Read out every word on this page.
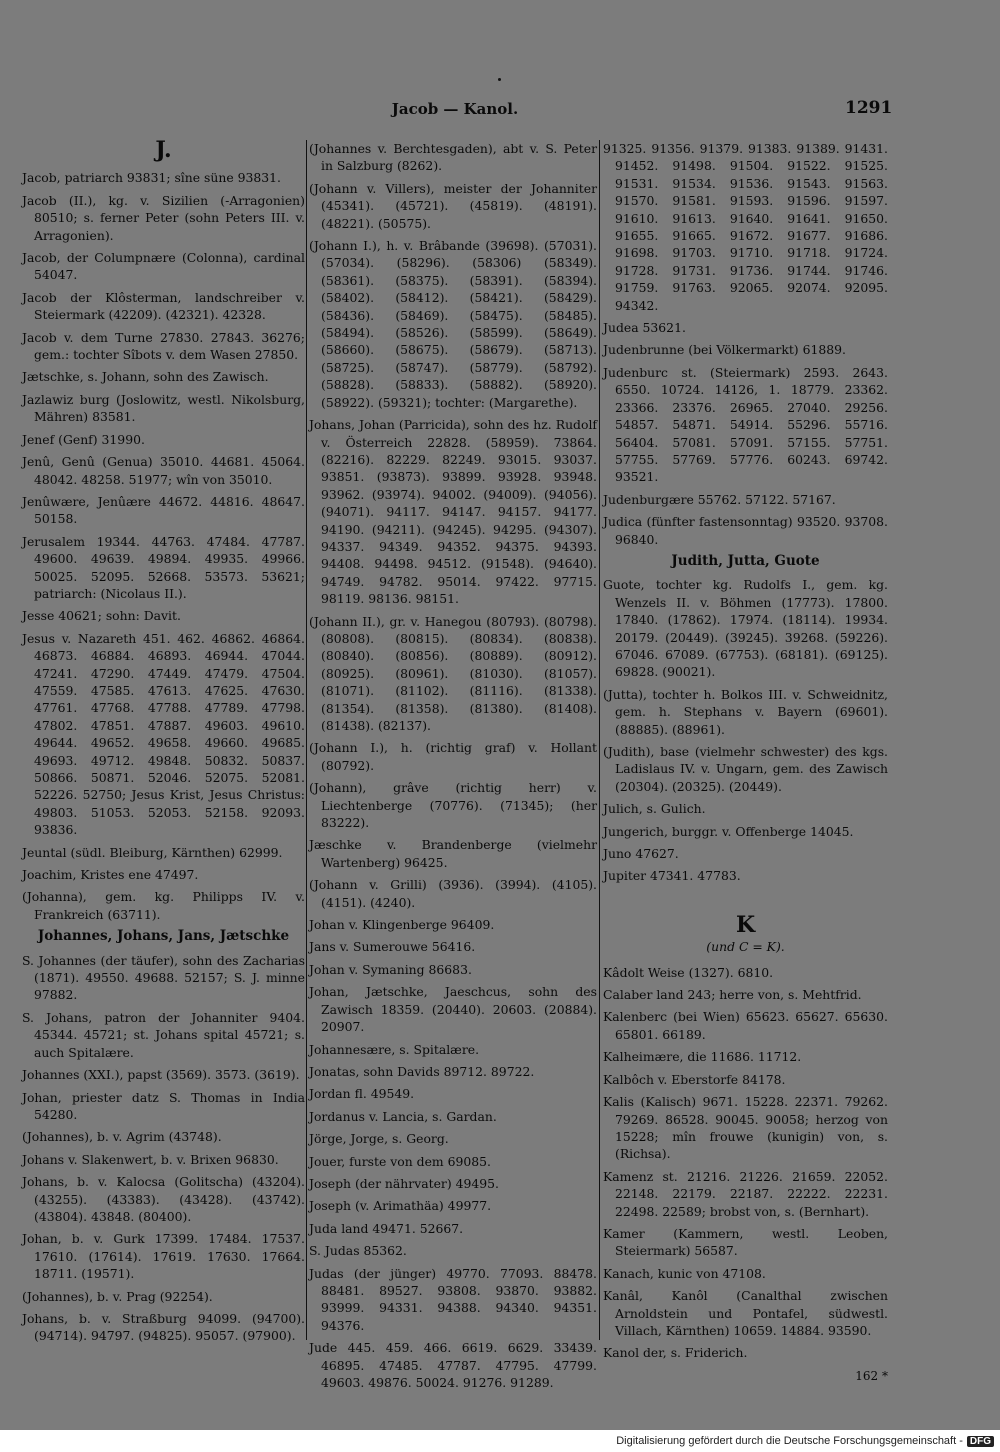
Jacob — Kanol.	1291
J.
Jacob, patriarch 93831; sîne süne 93831.
Jacob (II.), kg. v. Sizilien (-Arragonien) 80510; s. ferner Peter (sohn Peters III. v. Arragonien).
Jacob, der Columpnære (Colonna), cardinal 54047.
Jacob der Klôsterman, landschreiber v. Steiermark (42209). (42321). 42328.
Jacob v. dem Turne 27830. 27843. 36276; gem.: tochter Sîbots v. dem Wasen 27850.
Jætschke, s. Johann, sohn des Zawisch.
Jazlawiz burg (Joslowitz, westl. Nikolsburg, Mähren) 83581.
Jenef (Genf) 31990.
Jenû, Genû (Genua) 35010. 44681. 45064. 48042. 48258. 51977; wîn von 35010.
Jenûwære, Jenûære 44672. 44816. 48647. 50158.
Jerusalem 19344. 44763. 47484. 47787. 49600. 49639. 49894. 49935. 49966. 50025. 52095. 52668. 53573. 53621; patriarch: (Nicolaus II.).
Jesse 40621; sohn: Davit.
Jesus v. Nazareth 451. 462. 46862. 46864. 46873. 46884. 46893. 46944. 47044. 47241. 47290. 47449. 47479. 47504. 47559. 47585. 47613. 47625. 47630. 47761. 47768. 47788. 47789. 47798. 47802. 47851. 47887. 49603. 49610. 49644. 49652. 49658. 49660. 49685. 49693. 49712. 49848. 50832. 50837. 50866. 50871. 52046. 52075. 52081. 52226. 52750; Jesus Krist, Jesus Christus: 49803. 51053. 52053. 52158. 92093. 93836.
Jeuntal (südl. Bleiburg, Kärnthen) 62999.
Joachim, Kristes ene 47497.
(Johanna), gem. kg. Philipps IV. v. Frankreich (63711).
Johannes, Johans, Jans, Jætschke
S. Johannes (der täufer), sohn des Zacharias (1871). 49550. 49688. 52157; S. J. minne 97882.
S. Johans, patron der Johanniter 9404. 45344. 45721; st. Johans spital 45721; s. auch Spitalære.
Johannes (XXI.), papst (3569). 3573. (3619).
Johan, priester datz S. Thomas in India 54280.
(Johannes), b. v. Agrim (43748).
Johans v. Slakenwert, b. v. Brixen 96830.
Johans, b. v. Kalocsa (Golitscha) (43204). (43255). (43383). (43428). (43742). (43804). 43848. (80400).
Johan, b. v. Gurk 17399. 17484. 17537. 17610. (17614). 17619. 17630. 17664. 18711. (19571).
(Johannes), b. v. Prag (92254).
Johans, b. v. Straßburg 94099. (94700). (94714). 94797. (94825). 95057. (97900).
(Johannes v. Berchtesgaden), abt v. S. Peter in Salzburg (8262).
(Johann v. Villers), meister der Johanniter (45341). (45721). (45819). (48191). (48221). (50575).
(Johann I.), h. v. Brâbande (39698). (57031). (57034). (58296). (58306) (58349). (58361). (58375). (58391). (58394). (58402). (58412). (58421). (58429). (58436). (58469). (58475). (58485). (58494). (58526). (58599). (58649). (58660). (58675). (58679). (58713). (58725). (58747). (58779). (58792). (58828). (58833). (58882). (58920). (58922). (59321); tochter: (Margarethe).
Johans, Johan (Parricida), sohn des hz. Rudolf v. Österreich 22828. (58959). 73864. (82216). 82229. 82249. 93015. 93037. 93851. (93873). 93899. 93928. 93948. 93962. (93974). 94002. (94009). (94056). (94071). 94117. 94147. 94157. 94177. 94190. (94211). (94245). 94295. (94307). 94337. 94349. 94352. 94375. 94393. 94408. 94498. 94512. (91548). (94640). 94749. 94782. 95014. 97422. 97715. 98119. 98136. 98151.
(Johann II.), gr. v. Hanegou (80793). (80798). (80808). (80815). (80834). (80838). (80840). (80856). (80889). (80912). (80925). (80961). (81030). (81057). (81071). (81102). (81116). (81338). (81354). (81358). (81380). (81408). (81438). (82137).
(Johann I.), h. (richtig graf) v. Hollant (80792).
(Johann), grâve (richtig herr) v. Liechtenberge (70776). (71345); (her 83222).
Jæschke v. Brandenberge (vielmehr Wartenberg) 96425.
(Johann v. Grilli) (3936). (3994). (4105). (4151). (4240).
Johan v. Klingenberge 96409.
Jans v. Sumerouwe 56416.
Johan v. Symaning 86683.
Johan, Jætschke, Jaeschcus, sohn des Zawisch 18359. (20440). 20603. (20884). 20907.
Johannesære, s. Spitalære.
Jonatas, sohn Davids 89712. 89722.
Jordan fl. 49549.
Jordanus v. Lancia, s. Gardan.
Jörge, Jorge, s. Georg.
Jouer, furste von dem 69085.
Joseph (der nährvater) 49495.
Joseph (v. Arimathäa) 49977.
Juda land 49471. 52667.
S. Judas 85362.
Judas (der jünger) 49770. 77093. 88478. 88481. 89527. 93808. 93870. 93882. 93999. 94331. 94388. 94340. 94351. 94376.
Jude 445. 459. 466. 6619. 6629. 33439. 46895. 47485. 47787. 47795. 47799. 49603. 49876. 50024. 91276. 91289.
91325. 91356. 91379. 91383. 91389. 91431. 91452. 91498. 91504. 91522. 91525. 91531. 91534. 91536. 91543. 91563. 91570. 91581. 91593. 91596. 91597. 91610. 91613. 91640. 91641. 91650. 91655. 91665. 91672. 91677. 91686. 91698. 91703. 91710. 91718. 91724. 91728. 91731. 91736. 91744. 91746. 91759. 91763. 92065. 92074. 92095. 94342.
Judea 53621.
Judenbrunne (bei Völkermarkt) 61889.
Judenburc st. (Steiermark) 2593. 2643. 6550. 10724. 14126, 1. 18779. 23362. 23366. 23376. 26965. 27040. 29256. 54857. 54871. 54914. 55296. 55716. 56404. 57081. 57091. 57155. 57751. 57755. 57769. 57776. 60243. 69742. 93521.
Judenburgære 55762. 57122. 57167.
Judica (fünfter fastensonntag) 93520. 93708. 96840.
Judith, Jutta, Guote
Guote, tochter kg. Rudolfs I., gem. kg. Wenzels II. v. Böhmen (17773). 17800. 17840. (17862). 17974. (18114). 19934. 20179. (20449). (39245). 39268. (59226). 67046. 67089. (67753). (68181). (69125). 69828. (90021).
(Jutta), tochter h. Bolkos III. v. Schweidnitz, gem. h. Stephans v. Bayern (69601). (88885). (88961).
(Judith), base (vielmehr schwester) des kgs. Ladislaus IV. v. Ungarn, gem. des Zawisch (20304). (20325). (20449).
Julich, s. Gulich.
Jungerich, burggr. v. Offenberge 14045.
Juno 47627.
Jupiter 47341. 47783.
K
(und C = K).
Kâdolt Weise (1327). 6810.
Calaber land 243; herre von, s. Mehtfrid.
Kalenberc (bei Wien) 65623. 65627. 65630. 65801. 66189.
Kalheimære, die 11686. 11712.
Kalbôch v. Eberstorfe 84178.
Kalis (Kalisch) 9671. 15228. 22371. 79262. 79269. 86528. 90045. 90058; herzog von 15228; mîn frouwe (kunigin) von, s. (Richsa).
Kamenz st. 21216. 21226. 21659. 22052. 22148. 22179. 22187. 22222. 22231. 22498. 22589; brobst von, s. (Bernhart).
Kamer (Kammern, westl. Leoben, Steiermark) 56587.
Kanach, kunic von 47108.
Kanâl, Kanôl (Canalthal zwischen Arnoldstein und Pontafel, südwestl. Villach, Kärnthen) 10659. 14884. 93590.
Kanol der, s. Friderich.
162 *
Digitalisierung gefördert durch die Deutsche Forschungsgemeinschaft - DFG
